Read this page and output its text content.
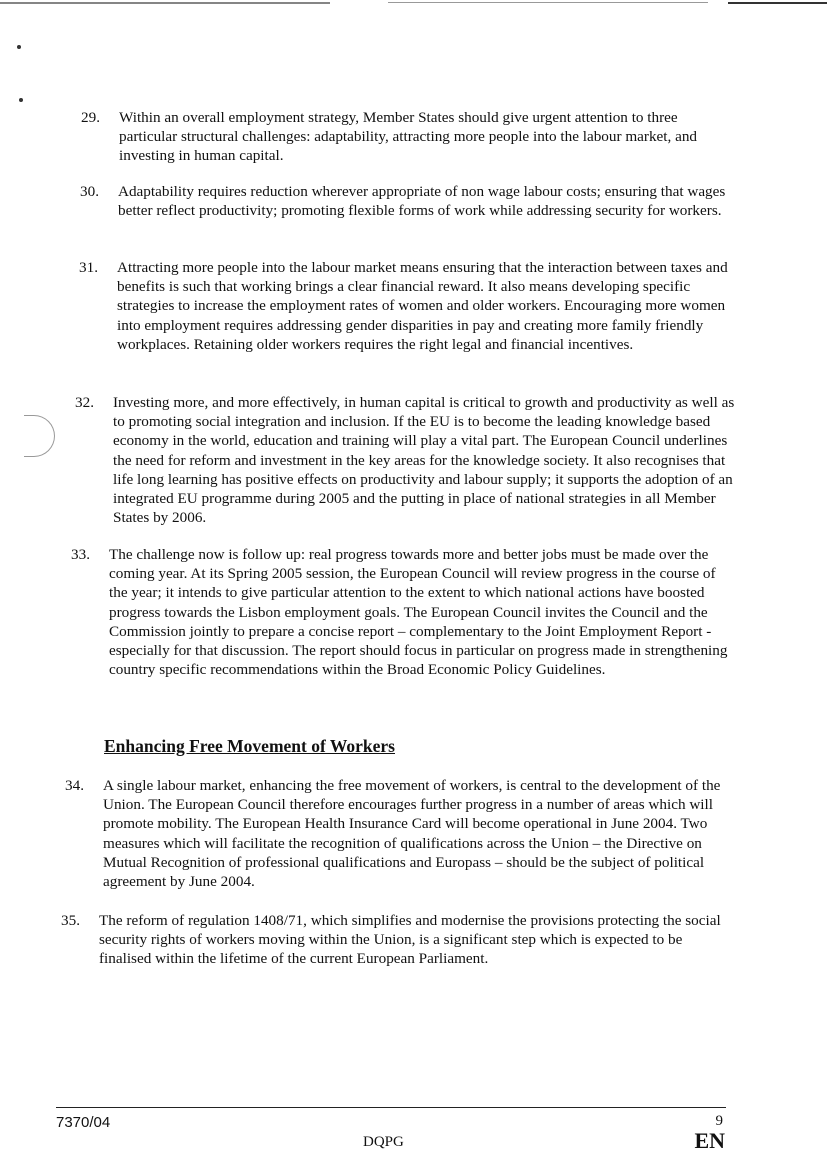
29. Within an overall employment strategy, Member States should give urgent attention to three particular structural challenges: adaptability, attracting more people into the labour market, and investing in human capital.
30. Adaptability requires reduction wherever appropriate of non wage labour costs; ensuring that wages better reflect productivity; promoting flexible forms of work while addressing security for workers.
31. Attracting more people into the labour market means ensuring that the interaction between taxes and benefits is such that working brings a clear financial reward. It also means developing specific strategies to increase the employment rates of women and older workers. Encouraging more women into employment requires addressing gender disparities in pay and creating more family friendly workplaces. Retaining older workers requires the right legal and financial incentives.
32. Investing more, and more effectively, in human capital is critical to growth and productivity as well as to promoting social integration and inclusion. If the EU is to become the leading knowledge based economy in the world, education and training will play a vital part. The European Council underlines the need for reform and investment in the key areas for the knowledge society. It also recognises that life long learning has positive effects on productivity and labour supply; it supports the adoption of an integrated EU programme during 2005 and the putting in place of national strategies in all Member States by 2006.
33. The challenge now is follow up: real progress towards more and better jobs must be made over the coming year. At its Spring 2005 session, the European Council will review progress in the course of the year; it intends to give particular attention to the extent to which national actions have boosted progress towards the Lisbon employment goals. The European Council invites the Council and the Commission jointly to prepare a concise report – complementary to the Joint Employment Report - especially for that discussion. The report should focus in particular on progress made in strengthening country specific recommendations within the Broad Economic Policy Guidelines.
Enhancing Free Movement of Workers
34. A single labour market, enhancing the free movement of workers, is central to the development of the Union. The European Council therefore encourages further progress in a number of areas which will promote mobility. The European Health Insurance Card will become operational in June 2004. Two measures which will facilitate the recognition of qualifications across the Union – the Directive on Mutual Recognition of professional qualifications and Europass – should be the subject of political agreement by June 2004.
35. The reform of regulation 1408/71, which simplifies and modernise the provisions protecting the social security rights of workers moving within the Union, is a significant step which is expected to be finalised within the lifetime of the current European Parliament.
7370/04	9
DQPG	EN
